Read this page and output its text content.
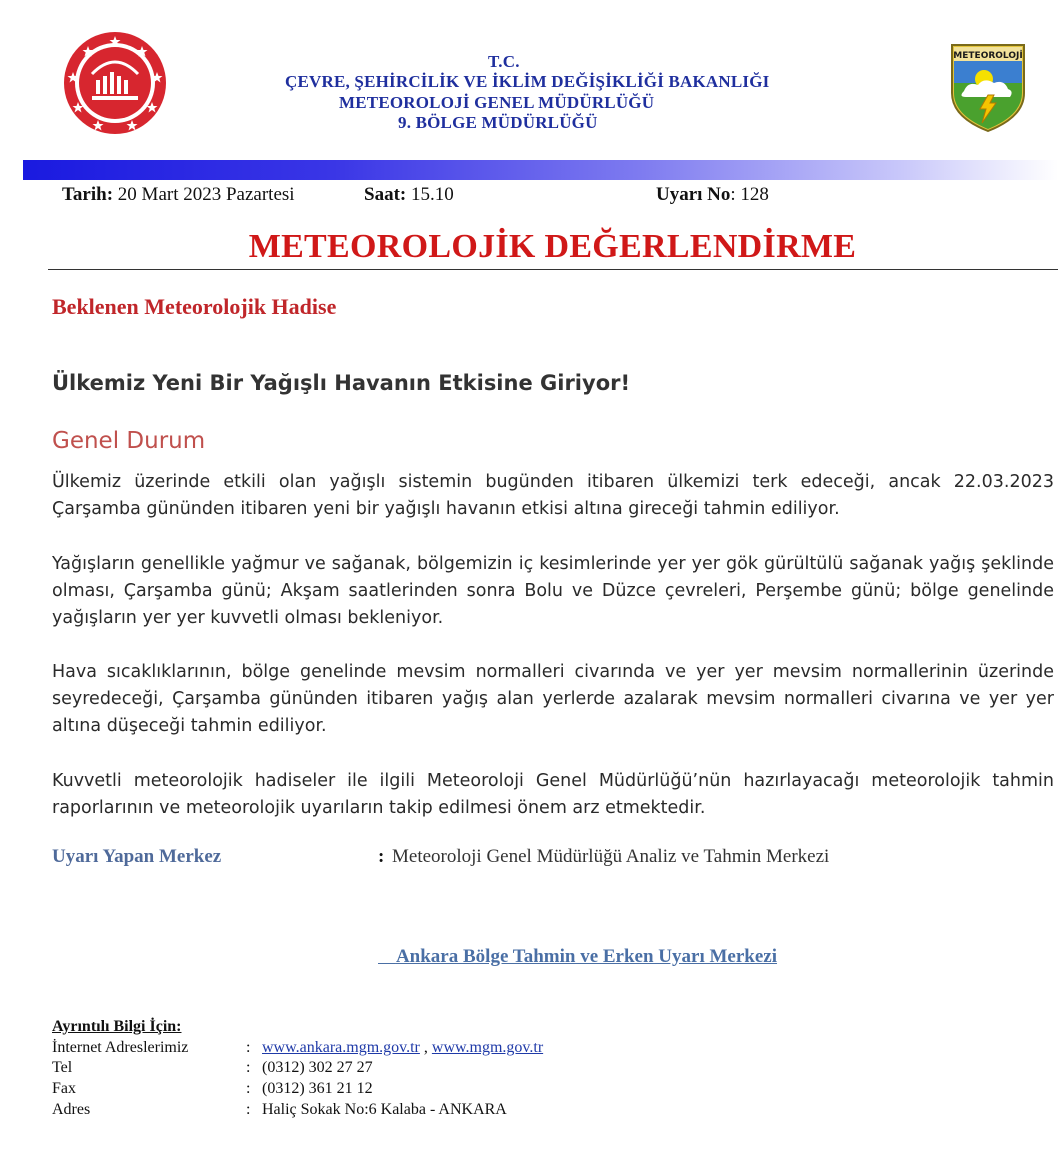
T.C.
ÇEVRE, ŞEHİRCİLİK VE İKLİM DEĞİŞİKLİĞİ BAKANLIĞI
METEOROLOJİ GENEL MÜDÜRLÜĞÜ
9. BÖLGE MÜDÜRLÜĞÜ
METEOROLOJİ
Tarih: 20 Mart 2023 Pazartesi	Saat: 15.10	Uyarı No: 128
METEOROLOJİK DEĞERLENDİRME
Beklenen Meteorolojik Hadise
Ülkemiz Yeni Bir Yağışlı Havanın Etkisine Giriyor!
Genel Durum

Ülkemiz üzerinde etkili olan yağışlı sistemin bugünden itibaren ülkemizi terk edeceği, ancak 22.03.2023 Çarşamba gününden itibaren yeni bir yağışlı havanın etkisi altına gireceği tahmin ediliyor.

Yağışların genellikle yağmur ve sağanak, bölgemizin iç kesimlerinde yer yer gök gürültülü sağanak yağış şeklinde olması, Çarşamba günü; Akşam saatlerinden sonra Bolu ve Düzce çevreleri, Perşembe günü; bölge genelinde yağışların yer yer kuvvetli olması bekleniyor.

Hava sıcaklıklarının, bölge genelinde mevsim normalleri civarında ve yer yer mevsim normallerinin üzerinde seyredeceği, Çarşamba gününden itibaren yağış alan yerlerde azalarak mevsim normalleri civarına ve yer yer altına düşeceği tahmin ediliyor.

Kuvvetli meteorolojik hadiseler ile ilgili Meteoroloji Genel Müdürlüğü’nün hazırlayacağı meteorolojik tahmin raporlarının ve meteorolojik uyarıların takip edilmesi önem arz etmektedir.

Uyarı Yapan Merkez	: Meteoroloji Genel Müdürlüğü Analiz ve Tahmin Merkezi
Ankara Bölge Tahmin ve Erken Uyarı Merkezi
Ayrıntılı Bilgi İçin:
İnternet Adreslerimiz	: www.ankara.mgm.gov.tr , www.mgm.gov.tr
Tel	: (0312) 302 27 27
Fax	: (0312) 361 21 12
Adres	: Haliç Sokak No:6 Kalaba - ANKARA
